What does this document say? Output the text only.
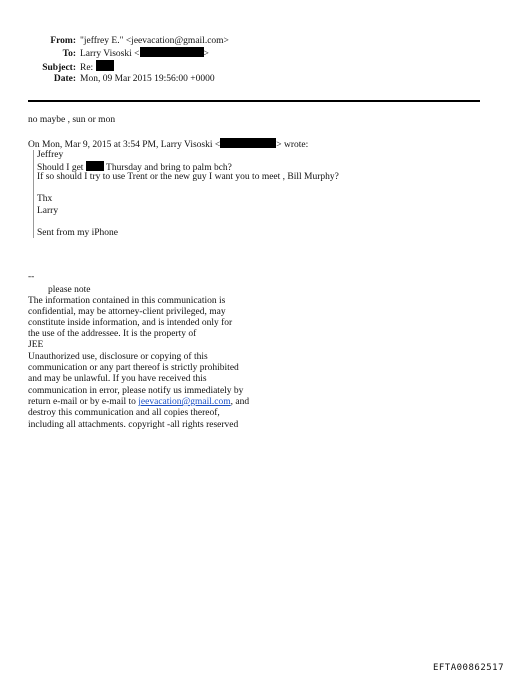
From: "jeffrey E." <jeevacation@gmail.com>
To: Larry Visoski <	>
Subject: Re:
Date: Mon, 09 Mar 2015 19:56:00 +0000
no maybe , sun or mon
On Mon, Mar 9, 2015 at 3:54 PM, Larry Visoski <	> wrote:
Jeffrey
Should I get Thursday and bring to palm bch?
If so should I try to use Trent or the new guy I want you to meet , Bill Murphy?
Thx
Larry
Sent from my iPhone
--
please note
The information contained in this communication is
confidential, may be attorney-client privileged, may
constitute inside information, and is intended only for
the use of the addressee. It is the property of
JEE
Unauthorized use, disclosure or copying of this
communication or any part thereof is strictly prohibited
and may be unlawful. If you have received this
communication in error, please notify us immediately by
return e-mail or by e-mail to jeevacation@gmail.com, and
destroy this communication and all copies thereof,
including all attachments. copyright -all rights reserved
EFTA00862517
